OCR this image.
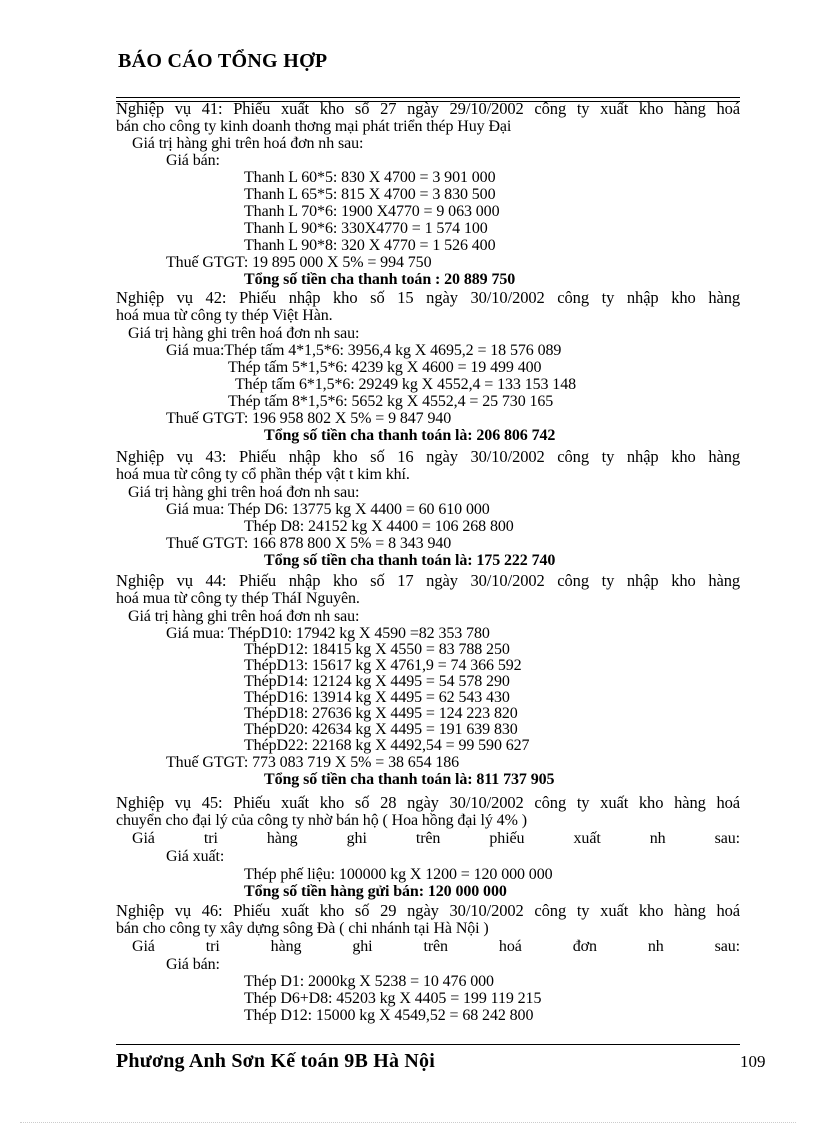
BÁO CÁO TỔNG HỢP
Nghiệp vụ 41: Phiếu xuất kho số 27 ngày 29/10/2002 công ty xuất kho hàng hoá
bán cho công ty kinh doanh thơng mại phát triển thép Huy Đại
Giá trị hàng ghi trên hoá đơn nh sau:
Giá bán:
Thanh L 60*5: 830 X 4700 = 3 901 000
Thanh L 65*5: 815 X 4700 = 3 830 500
Thanh L 70*6: 1900 X4770 = 9 063 000
Thanh L 90*6: 330X4770 = 1 574 100
Thanh L 90*8: 320 X 4770 = 1 526 400
Thuế GTGT: 19 895 000 X 5% = 994 750
Tổng số tiền cha thanh toán : 20 889 750
Nghiệp vụ 42: Phiếu nhập kho số 15 ngày 30/10/2002 công ty nhập kho hàng
hoá mua từ công ty thép Việt Hàn.
Giá trị hàng ghi trên hoá đơn nh sau:
Giá mua:Thép tấm 4*1,5*6: 3956,4 kg X 4695,2 = 18 576 089
Thép tấm 5*1,5*6: 4239 kg X 4600 = 19 499 400
Thép tấm 6*1,5*6: 29249 kg X 4552,4 = 133 153 148
Thép tấm 8*1,5*6: 5652 kg X 4552,4 = 25 730 165
Thuế GTGT: 196 958 802 X 5% = 9 847 940
Tổng số tiền cha thanh toán là: 206 806 742
Nghiệp vụ 43: Phiếu nhập kho số 16 ngày 30/10/2002 công ty nhập kho hàng
hoá mua từ công ty cổ phần thép vật t kim khí.
Giá trị hàng ghi trên hoá đơn nh sau:
Giá mua: Thép D6: 13775 kg X 4400 = 60 610 000
Thép D8: 24152 kg X 4400 = 106 268 800
Thuế GTGT: 166 878 800 X 5% = 8 343 940
Tổng số tiền cha thanh toán là: 175 222 740
Nghiệp vụ 44: Phiếu nhập kho số 17 ngày 30/10/2002 công ty nhập kho hàng
hoá mua từ công ty thép TháI Nguyên.
Giá trị hàng ghi trên hoá đơn nh sau:
Giá mua: ThépD10: 17942 kg X 4590 =82 353 780
ThépD12: 18415 kg X 4550 = 83 788 250
ThépD13: 15617 kg X 4761,9 = 74 366 592
ThépD14: 12124 kg X 4495 = 54 578 290
ThépD16: 13914 kg X 4495 = 62 543 430
ThépD18: 27636 kg X 4495 = 124 223 820
ThépD20: 42634 kg X 4495 = 191 639 830
ThépD22: 22168 kg X 4492,54 = 99 590 627
Thuế GTGT: 773 083 719 X 5% = 38 654 186
Tổng số tiền cha thanh toán là: 811 737 905
Nghiệp vụ 45: Phiếu xuất kho số 28 ngày 30/10/2002 công ty xuất kho hàng hoá
chuyển cho đại lý của công ty nhờ bán hộ ( Hoa hồng đại lý 4% )
Giá tri hàng ghi trên phiếu xuất nh sau:
Giá xuất:
Thép phế liệu: 100000 kg X 1200 = 120 000 000
Tổng số tiền hàng gửi bán: 120 000 000
Nghiệp vụ 46: Phiếu xuất kho số 29 ngày 30/10/2002 công ty xuất kho hàng hoá
bán cho công ty xây dựng sông Đà ( chi nhánh tại Hà Nội )
Giá tri hàng ghi trên hoá đơn nh sau:
Giá bán:
Thép D1: 2000kg X 5238 = 10 476 000
Thép D6+D8: 45203 kg X 4405 = 199 119 215
Thép D12: 15000 kg X 4549,52 = 68 242 800
Phương Anh Sơn Kế toán 9B Hà Nội	109
